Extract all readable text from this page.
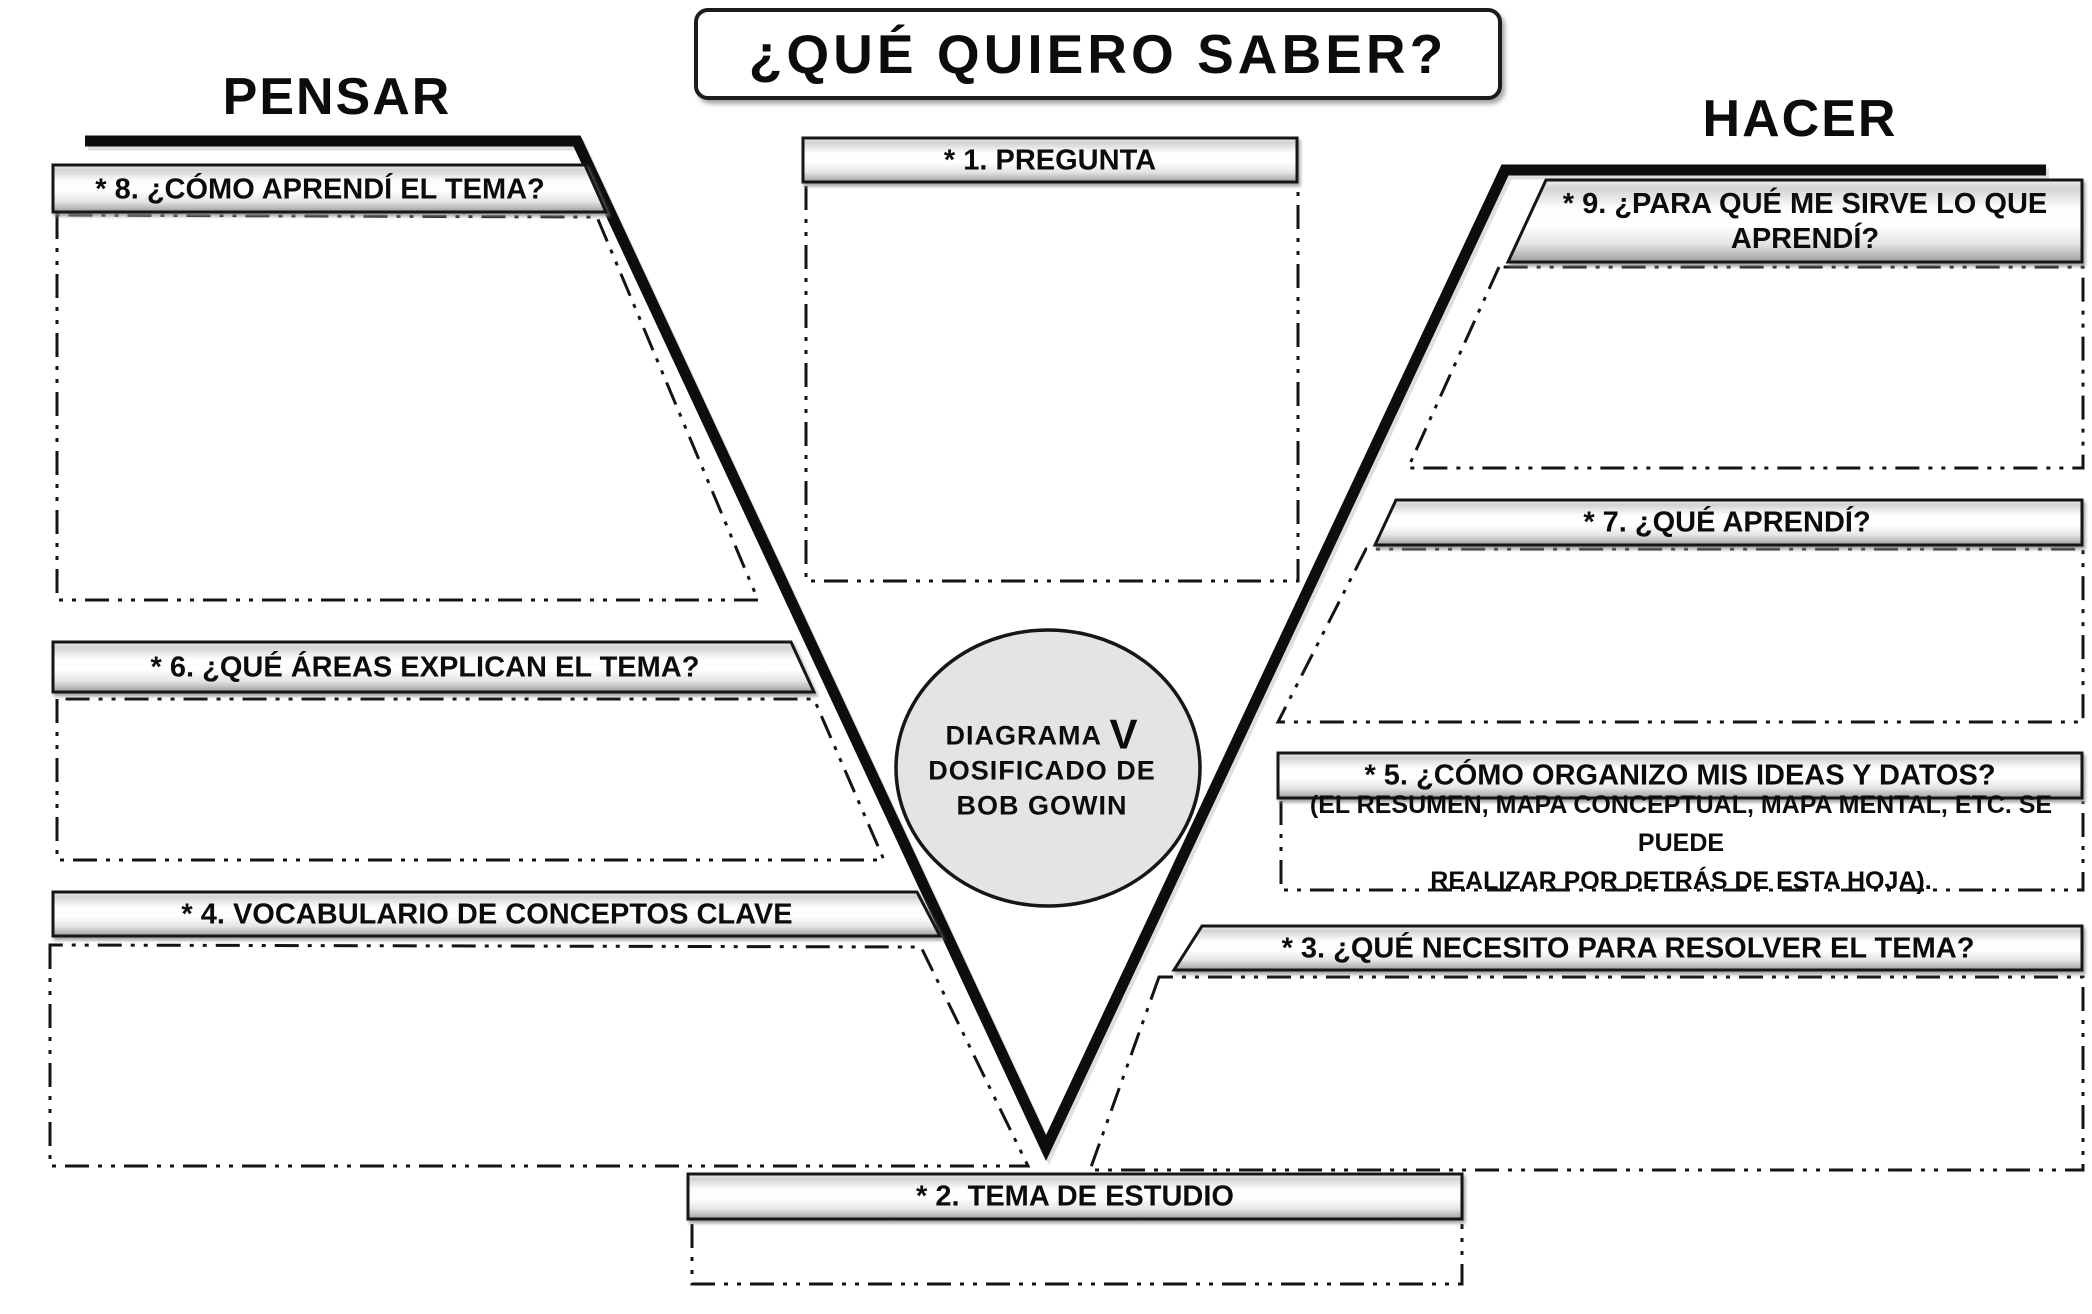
¿QUÉ QUIERO SABER?
PENSAR	HACER
* 1. PREGUNTA
* 8. ¿CÓMO APRENDÍ EL TEMA?
* 6. ¿QUÉ ÁREAS EXPLICAN EL TEMA?
* 4. VOCABULARIO DE CONCEPTOS CLAVE
* 2. TEMA DE ESTUDIO
* 9. ¿PARA QUÉ ME SIRVE LO QUE
APRENDÍ?
* 7. ¿QUÉ APRENDÍ?
* 5. ¿CÓMO ORGANIZO MIS IDEAS Y DATOS?
* 3. ¿QUÉ NECESITO PARA RESOLVER EL TEMA?
(EL RESUMEN, MAPA CONCEPTUAL, MAPA MENTAL, ETC. SE PUEDE
REALIZAR POR DETRÁS DE ESTA HOJA).
DIAGRAMA V
DOSIFICADO DE
BOB GOWIN
